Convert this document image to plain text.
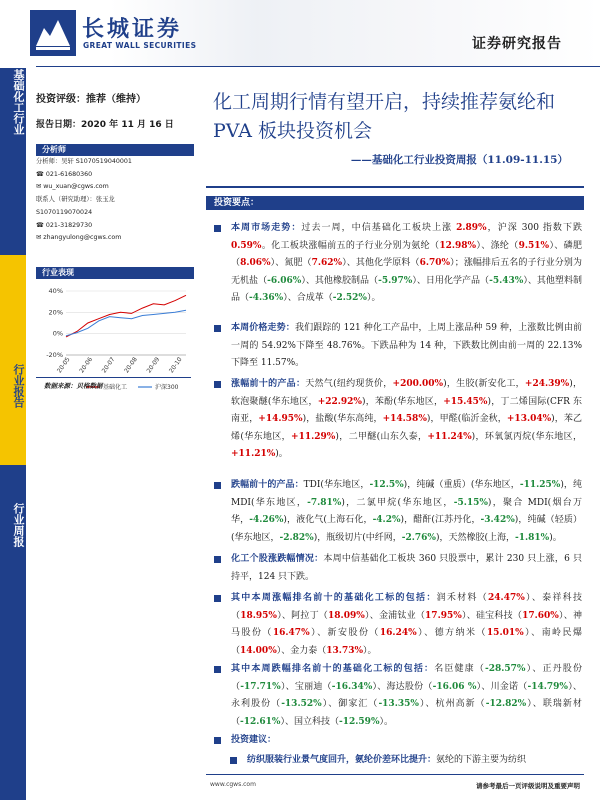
基础化工行业
行业报告
行业周报
长城证券
GREAT WALL SECURITIES	证券研究报告
投资评级：推荐（维持）
报告日期：2020 年 11 月 16 日
分析师
分析师：吴轩 S1070519040001
☎ 021-61680360
✉ wu_xuan@cgws.com
联系人（研究助理）：张玉龙
S1070119070024
☎ 021-31829730
✉ zhangyulong@cgws.com
行业表现
40%
20%
0%
-20%
20-05 20-06 20-07 20-08 20-09 20-10
基础化工	沪深300
数据来源：贝格数据
化工周期行情有望开启，持续推荐氨纶和 PVA 板块投资机会
——基础化工行业投资周报（11.09-11.15）
投资要点：
本周市场走势：过去一周，中信基础化工板块上涨 2.89%，沪深 300 指数下跌 0.59%。化工板块涨幅前五的子行业分别为氨纶（12.98%）、涤纶（9.51%）、磷肥（8.06%）、氮肥（7.62%）、其他化学原料（6.70%）；涨幅排后五名的子行业分别为无机盐（-6.06%）、其他橡胶制品（-5.97%）、日用化学产品（-5.43%）、其他塑料制品（-4.36%）、合成革（-2.52%）。
本周价格走势：我们跟踪的 121 种化工产品中，上周上涨品种 59 种，上涨数比例由前一周的 54.92%下降至 48.76%。下跌品种为 14 种，下跌数比例由前一周的 22.13%下降至 11.57%。
涨幅前十的产品：天然气(纽约现货价，+200.00%)，生胶(新安化工，+24.39%)，软泡聚醚(华东地区，+22.92%)，苯酚(华东地区，+15.45%)，丁二烯国际(CFR 东南亚，+14.95%)，盐酸(华东高纯，+14.58%)，甲醛(临沂金秋，+13.04%)，苯乙烯(华东地区，+11.29%)，二甲醚(山东久泰，+11.24%)，环氧氯丙烷(华东地区，+11.21%)。
跌幅前十的产品：TDI(华东地区，-12.5%)，纯碱（重质）(华东地区，-11.25%)，纯 MDI(华东地区，-7.81%)，二氯甲烷(华东地区，-5.15%)，聚合 MDI(烟台万华，-4.26%)，液化气(上海石化，-4.2%)，醋酐(江苏丹化，-3.42%)，纯碱（轻质）(华东地区，-2.82%)，瓶级切片(中纤网，-2.76%)，天然橡胶(上海，-1.81%)。
化工个股涨跌幅情况：本周中信基础化工板块 360 只股票中，累计 230 只上涨，6 只持平，124 只下跌。
其中本周涨幅排名前十的基础化工标的包括：润禾材料（24.47%）、泰祥科技（18.95%）、阿拉丁（18.09%）、金浦钛业（17.95%）、硅宝科技（17.60%）、神马股份（16.47%）、新安股份（16.24%）、德方纳米（15.01%）、南岭民爆（14.00%）、金力泰（13.73%）。
其中本周跌幅排名前十的基础化工标的包括：名臣健康（-28.57%）、正丹股份（-17.71%）、宝丽迪（-16.34%）、海达股份（-16.06 %）、川金诺（-14.79%）、永利股份（-13.52%）、御家汇（-13.35%）、杭州高新（-12.82%）、联瑞新材（-12.61%）、国立科技（-12.59%）。
投资建议：
纺织服装行业景气度回升，氨纶价差环比提升：氨纶的下游主要为纺织
www.cgws.com	请参考最后一页评级说明及重要声明
